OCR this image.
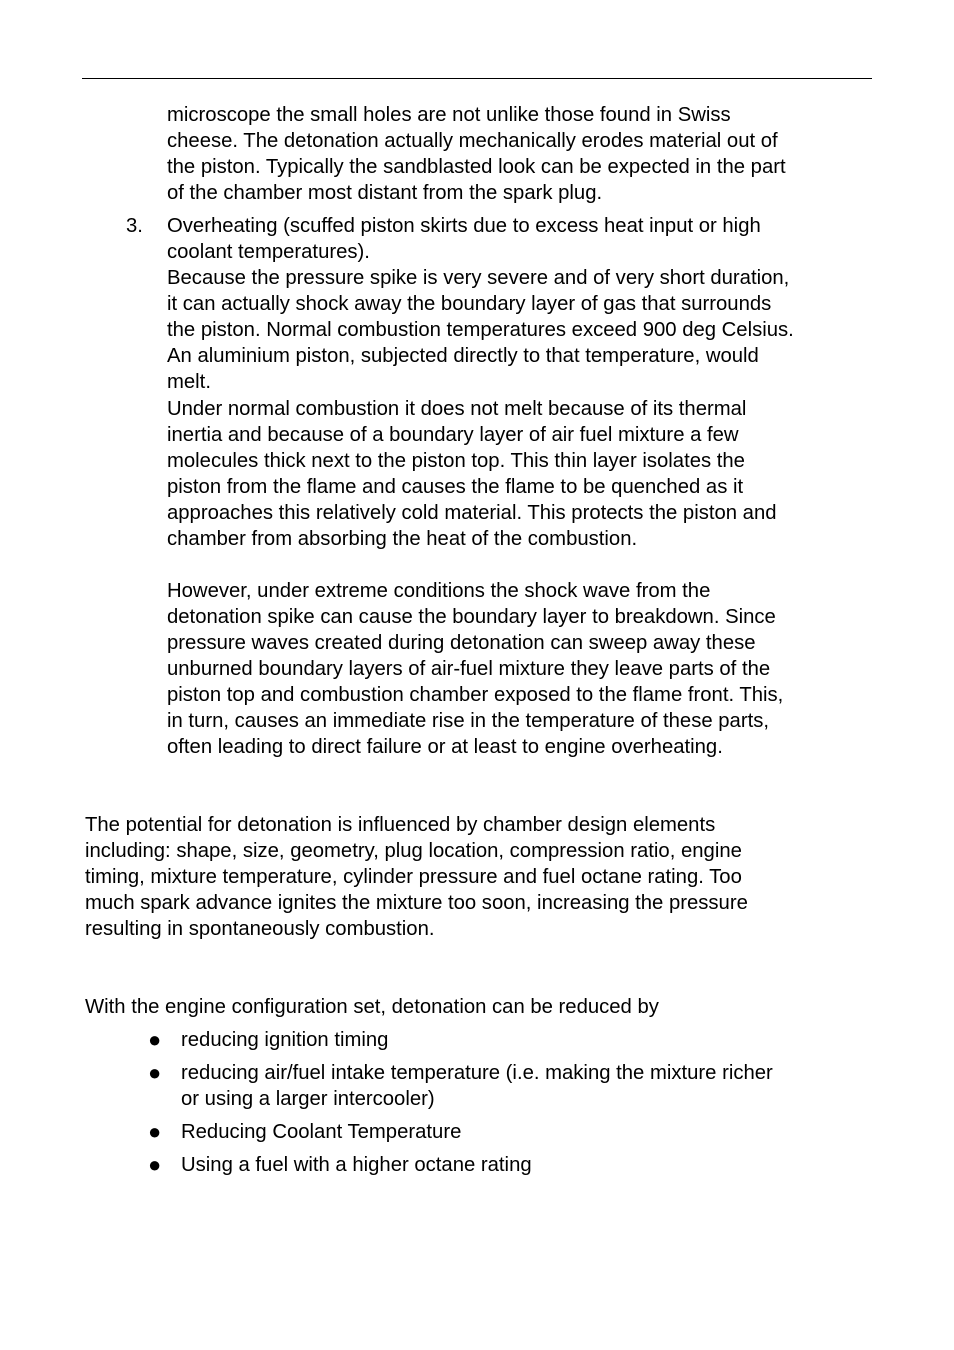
microscope the small holes are not unlike those found in Swiss
cheese. The detonation actually mechanically erodes material out of
the piston. Typically the sandblasted look can be expected in the part
of the chamber most distant from the spark plug.
3. Overheating (scuffed piston skirts due to excess heat input or high
coolant temperatures).
Because the pressure spike is very severe and of very short duration,
it can actually shock away the boundary layer of gas that surrounds
the piston. Normal combustion temperatures exceed 900 deg Celsius.
An aluminium piston, subjected directly to that temperature, would
melt.
Under normal combustion it does not melt because of its thermal
inertia and because of a boundary layer of air fuel mixture a few
molecules thick next to the piston top. This thin layer isolates the
piston from the flame and causes the flame to be quenched as it
approaches this relatively cold material. This protects the piston and
chamber from absorbing the heat of the combustion.
However, under extreme conditions the shock wave from the
detonation spike can cause the boundary layer to breakdown. Since
pressure waves created during detonation can sweep away these
unburned boundary layers of air-fuel mixture they leave parts of the
piston top and combustion chamber exposed to the flame front. This,
in turn, causes an immediate rise in the temperature of these parts,
often leading to direct failure or at least to engine overheating.
The potential for detonation is influenced by chamber design elements
including: shape, size, geometry, plug location, compression ratio, engine
timing, mixture temperature, cylinder pressure and fuel octane rating. Too
much spark advance ignites the mixture too soon, increasing the pressure
resulting in spontaneously combustion.
With the engine configuration set, detonation can be reduced by
● reducing ignition timing
● reducing air/fuel intake temperature (i.e. making the mixture richer
or using a larger intercooler)
● Reducing Coolant Temperature
● Using a fuel with a higher octane rating
